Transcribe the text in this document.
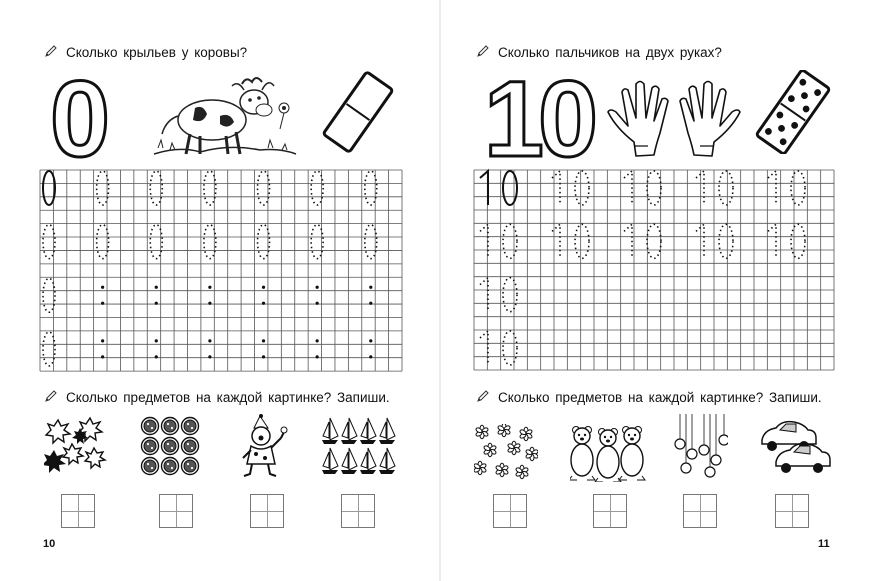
Сколько крыльев у коровы?
0
Сколько предметов на каждой картинке? Запиши.
10
Сколько пальчиков на двух руках?
10
Сколько предметов на каждой картинке? Запиши.
11
